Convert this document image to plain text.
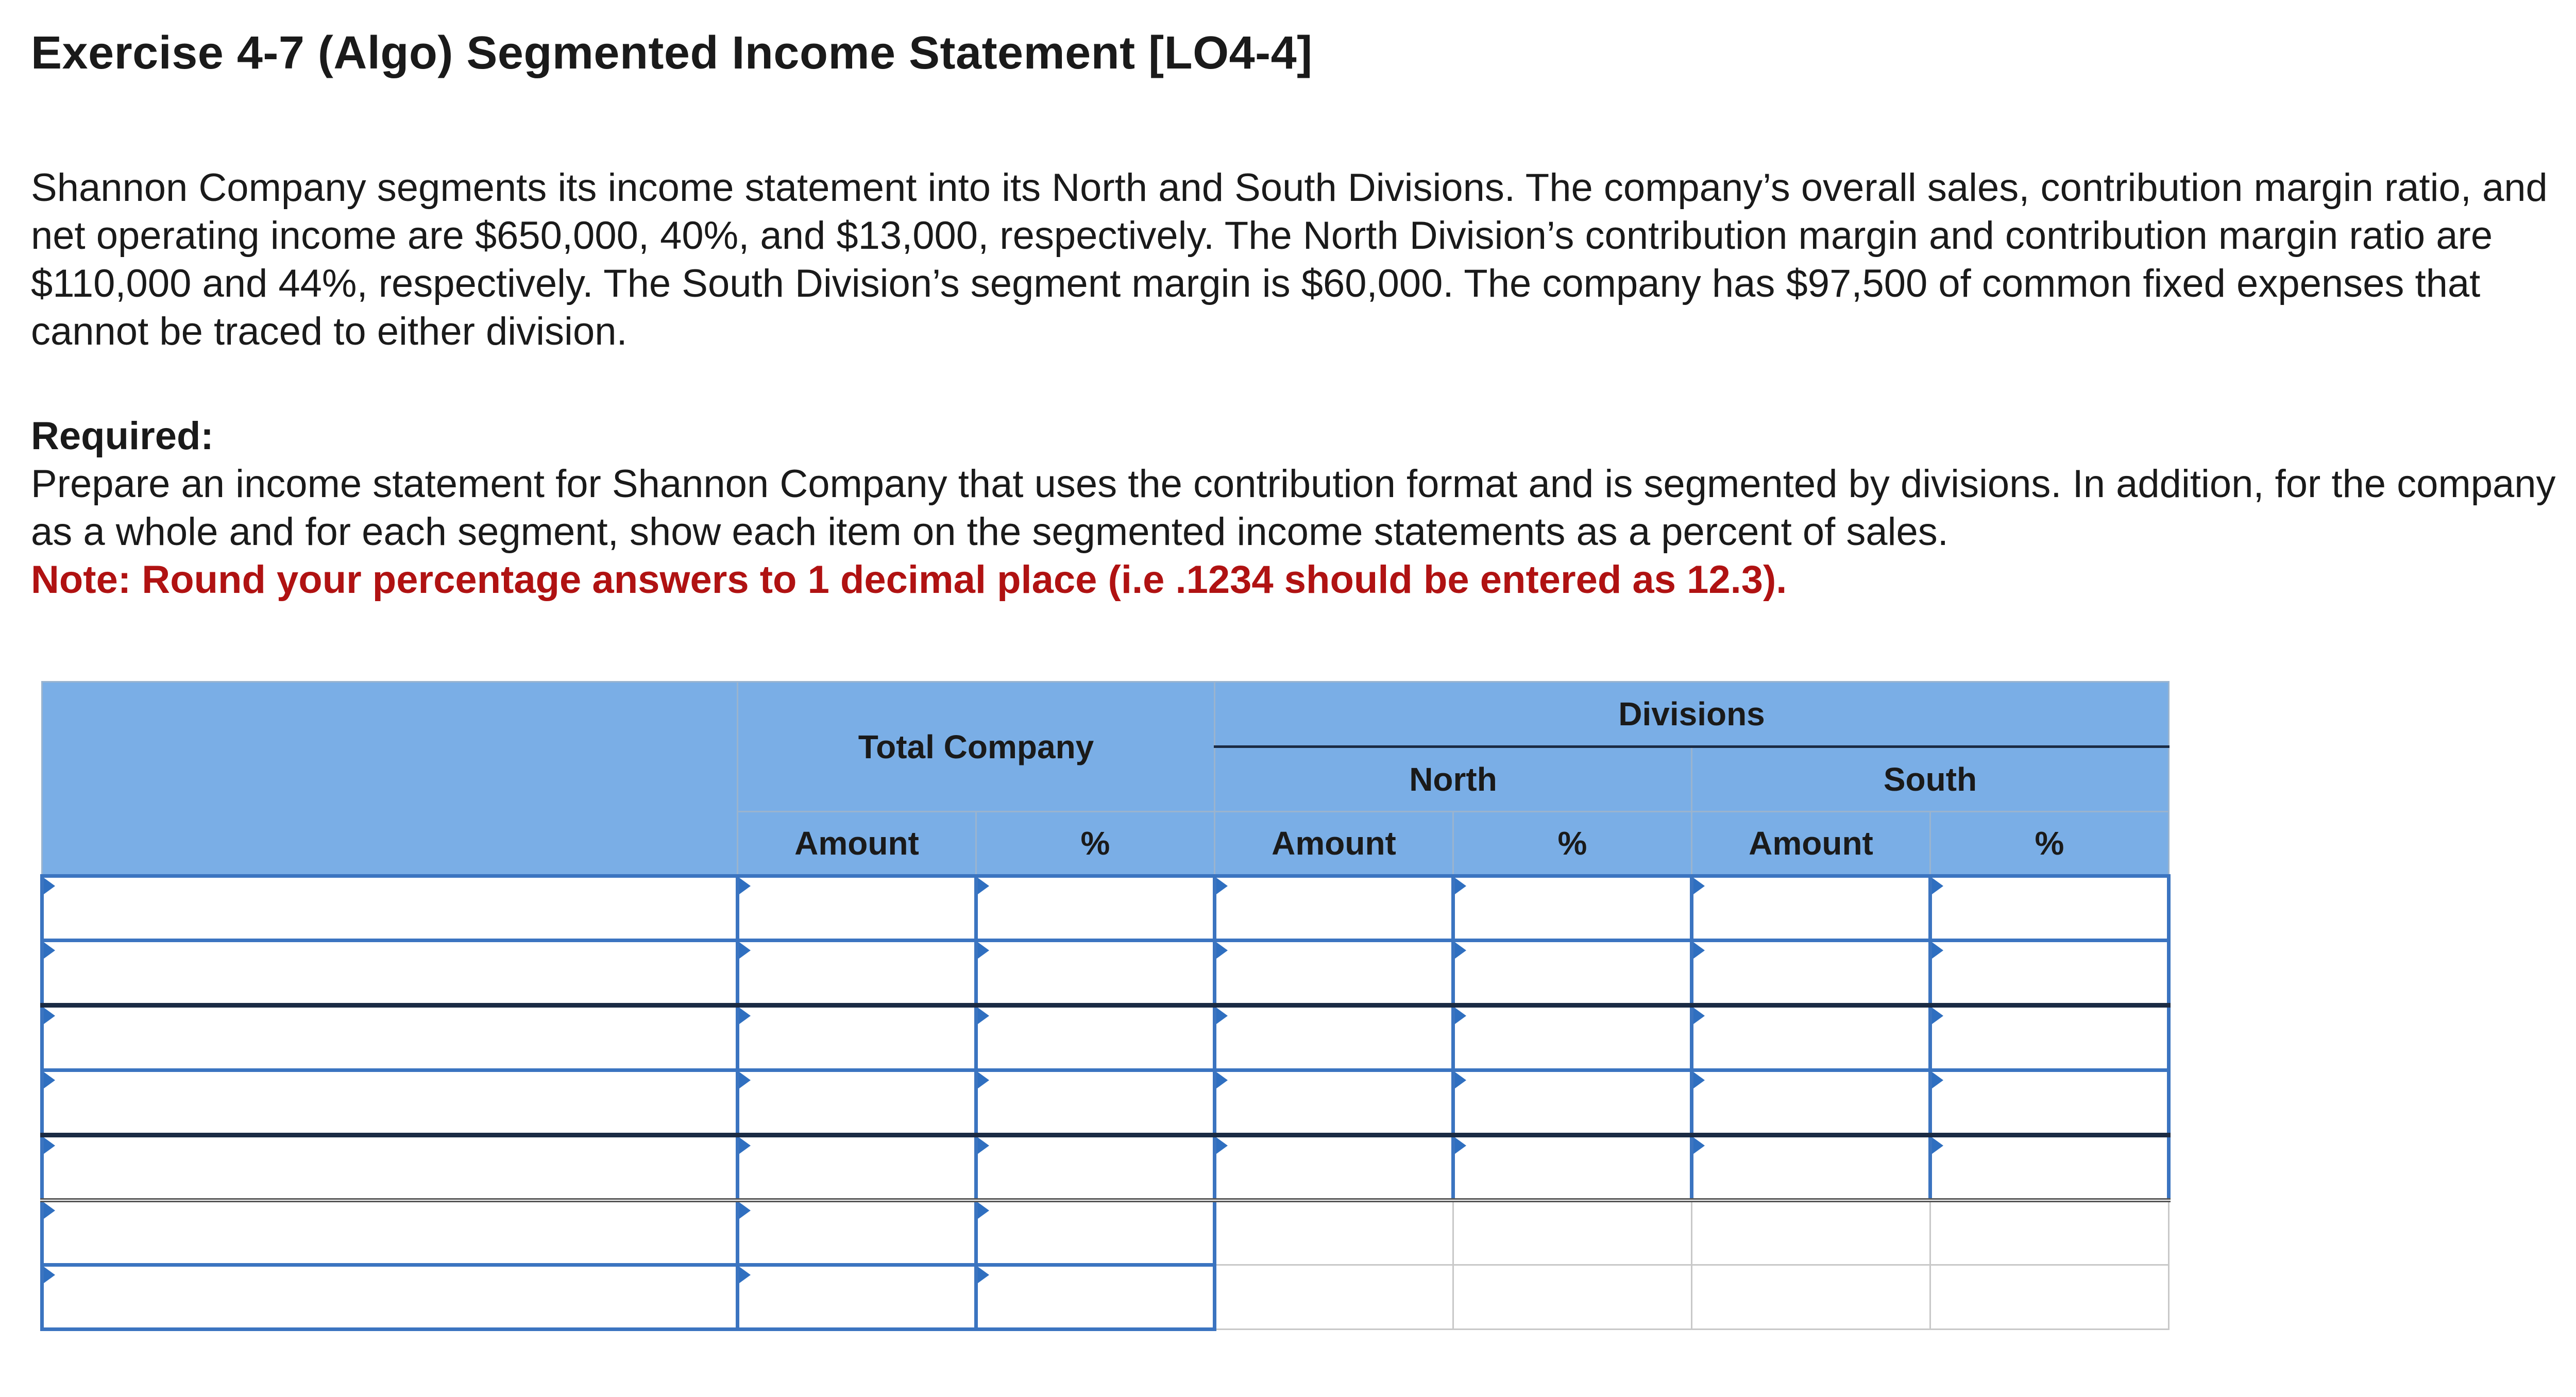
Exercise 4-7 (Algo) Segmented Income Statement [LO4-4]
Shannon Company segments its income statement into its North and South Divisions. The company’s overall sales, contribution margin ratio, and net operating income are $650,000, 40%, and $13,000, respectively. The North Division’s contribution margin and contribution margin ratio are $110,000 and 44%, respectively. The South Division’s segment margin is $60,000. The company has $97,500 of common fixed expenses that cannot be traced to either division.
Required:
Prepare an income statement for Shannon Company that uses the contribution format and is segmented by divisions. In addition, for the company as a whole and for each segment, show each item on the segmented income statements as a percent of sales.
Note: Round your percentage answers to 1 decimal place (i.e .1234 should be entered as 12.3).
	Total Company		Divisions			
			North		South	
	Amount	%	Amount	%	Amount	%
